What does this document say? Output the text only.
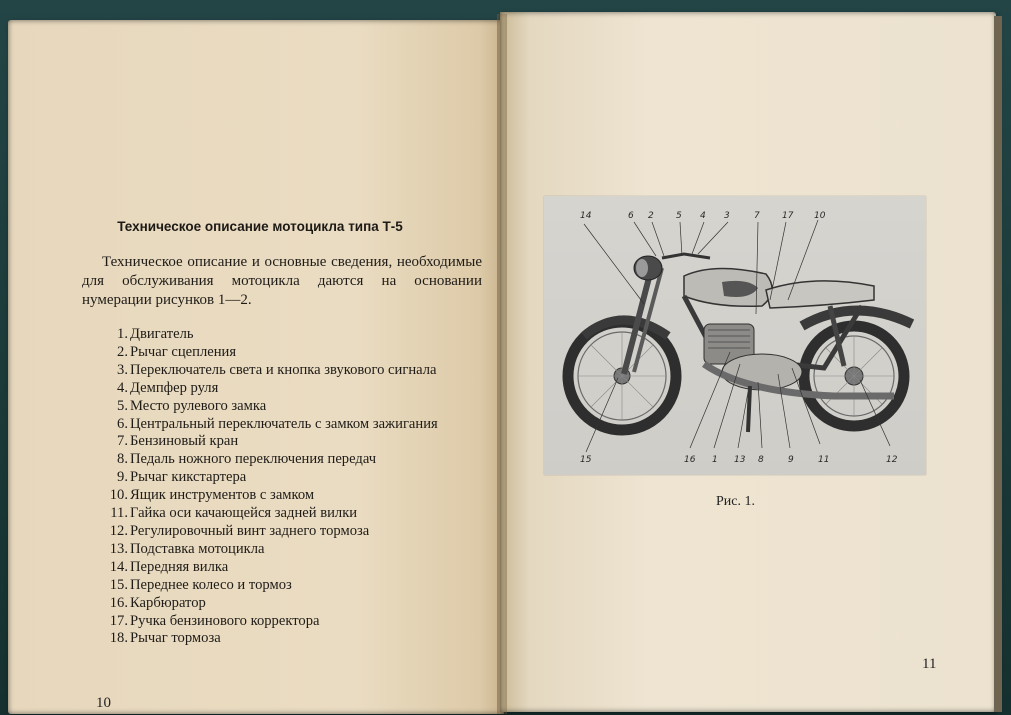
Техническое описание мотоцикла типа Т-5

Техническое описание и основные сведения, необходимые для обслуживания мотоцикла даются на основании нумерации рисунков 1—2.

1. Двигатель
2. Рычаг сцепления
3. Переключатель света и кнопка звукового сигнала
4. Демпфер руля
5. Место рулевого замка
6. Центральный переключатель с замком зажигания
7. Бензиновый кран
8. Педаль ножного переключения передач
9. Рычаг кикстартера
10. Ящик инструментов с замком
11. Гайка оси качающейся задней вилки
12. Регулировочный винт заднего тормоза
13. Подставка мотоцикла
14. Передняя вилка
15. Переднее колесо и тормоз
16. Карбюратор
17. Ручка бензинового корректора
18. Рычаг тормоза
10
14	6 2 5 4 3	7 17 10
15	16 1 13 8	9	11	12
Рис. 1.
11
